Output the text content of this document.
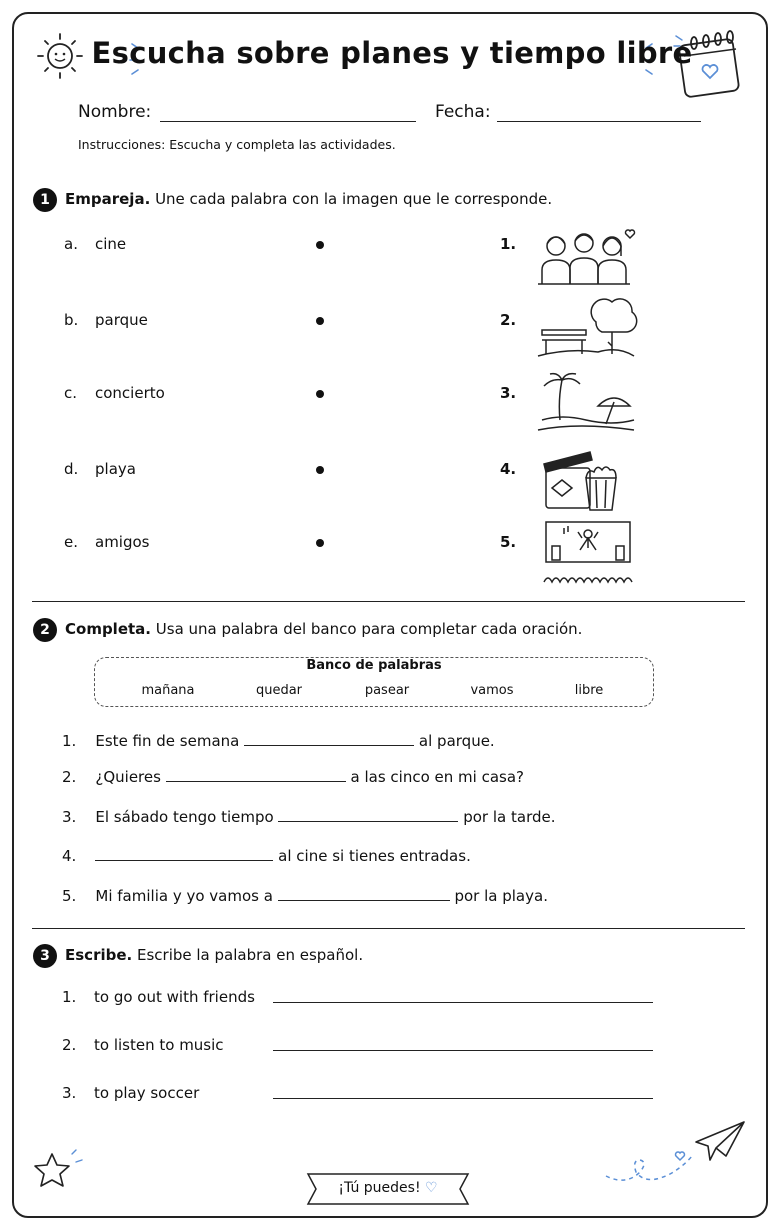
Escucha sobre planes y tiempo libre
Nombre:	Fecha:
Instrucciones: Escucha y completa las actividades.
1	Empareja. Une cada palabra con la imagen que le corresponde.
a. cine	1.
b. parque	2.
c. concierto	3.
d. playa	4.
e. amigos	5.
2	Completa. Usa una palabra del banco para completar cada oración.
Banco de palabras
mañana	quedar	pasear	vamos	libre
1. Este fin de semana	al parque.
2. ¿Quieres	a las cinco en mi casa?
3. El sábado tengo tiempo	por la tarde.
4.	al cine si tienes entradas.
5. Mi familia y yo vamos a	por la playa.
3	Escribe. Escribe la palabra en español.
1. to go out with friends
2. to listen to music
3. to play soccer
¡Tú puedes! ♡
